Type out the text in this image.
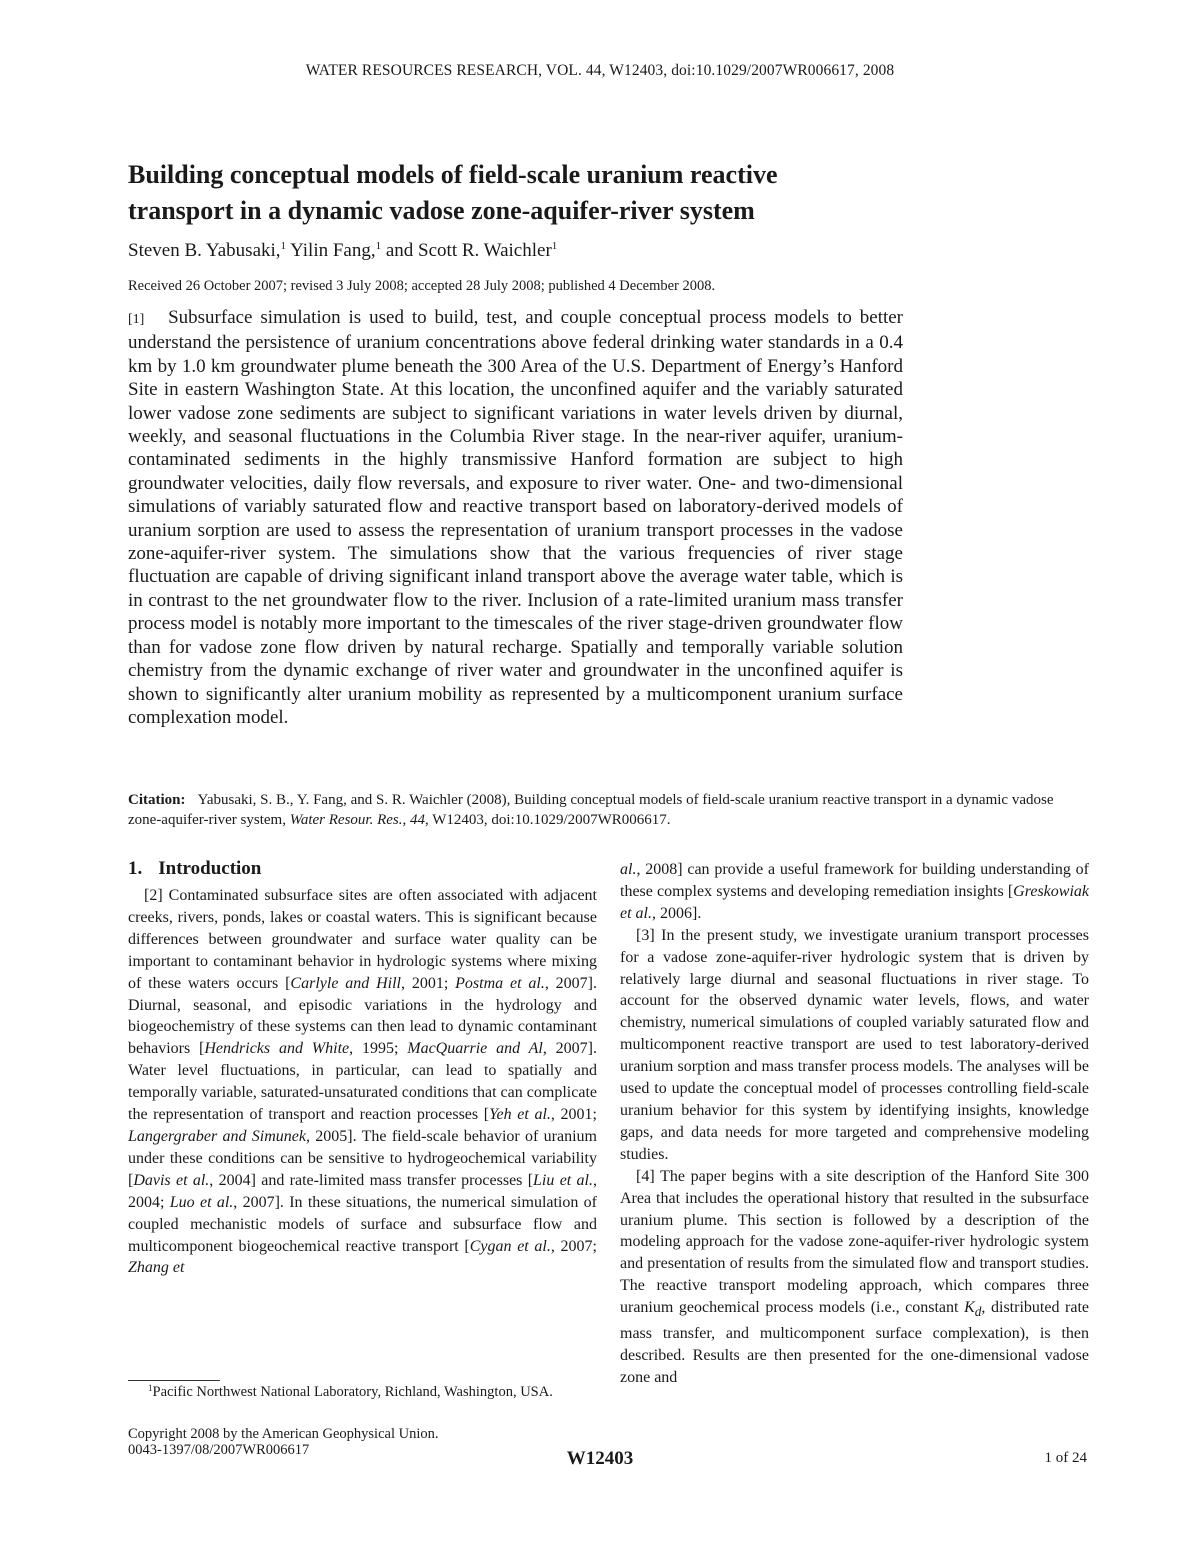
WATER RESOURCES RESEARCH, VOL. 44, W12403, doi:10.1029/2007WR006617, 2008
Building conceptual models of field-scale uranium reactive
transport in a dynamic vadose zone-aquifer-river system
Steven B. Yabusaki,$^1$ Yilin Fang,$^1$ and Scott R. Waichler$^1$
Received 26 October 2007; revised 3 July 2008; accepted 28 July 2008; published 4 December 2008.

[1] Subsurface simulation is used to build, test, and couple conceptual process models to better understand the persistence of uranium concentrations above federal drinking water standards in a 0.4 km by 1.0 km groundwater plume beneath the 300 Area of the U.S. Department of Energy’s Hanford Site in eastern Washington State. At this location, the unconfined aquifer and the variably saturated lower vadose zone sediments are subject to significant variations in water levels driven by diurnal, weekly, and seasonal fluctuations in the Columbia River stage. In the near-river aquifer, uranium-contaminated sediments in the highly transmissive Hanford formation are subject to high groundwater velocities, daily flow reversals, and exposure to river water. One- and two-dimensional simulations of variably saturated flow and reactive transport based on laboratory-derived models of uranium sorption are used to assess the representation of uranium transport processes in the vadose zone-aquifer-river system. The simulations show that the various frequencies of river stage fluctuation are capable of driving significant inland transport above the average water table, which is in contrast to the net groundwater flow to the river. Inclusion of a rate-limited uranium mass transfer process model is notably more important to the timescales of the river stage-driven groundwater flow than for vadose zone flow driven by natural recharge. Spatially and temporally variable solution chemistry from the dynamic exchange of river water and groundwater in the unconfined aquifer is shown to significantly alter uranium mobility as represented by a multicomponent uranium surface complexation model.

Citation: Yabusaki, S. B., Y. Fang, and S. R. Waichler (2008), Building conceptual models of field-scale uranium reactive transport in a dynamic vadose zone-aquifer-river system, Water Resour. Res., 44, W12403, doi:10.1029/2007WR006617.
1. Introduction

[2] Contaminated subsurface sites are often associated with adjacent creeks, rivers, ponds, lakes or coastal waters. This is significant because differences between groundwater and surface water quality can be important to contaminant behavior in hydrologic systems where mixing of these waters occurs [Carlyle and Hill, 2001; Postma et al., 2007]. Diurnal, seasonal, and episodic variations in the hydrology and biogeochemistry of these systems can then lead to dynamic contaminant behaviors [Hendricks and White, 1995; MacQuarrie and Al, 2007]. Water level fluctuations, in particular, can lead to spatially and temporally variable, saturated-unsaturated conditions that can complicate the representation of transport and reaction processes [Yeh et al., 2001; Langergraber and Simunek, 2005]. The field-scale behavior of uranium under these conditions can be sensitive to hydrogeochemical variability [Davis et al., 2004] and rate-limited mass transfer processes [Liu et al., 2004; Luo et al., 2007]. In these situations, the numerical simulation of coupled mechanistic models of surface and subsurface flow and multicomponent biogeochemical reactive transport [Cygan et al., 2007; Zhang et

al., 2008] can provide a useful framework for building understanding of these complex systems and developing remediation insights [Greskowiak et al., 2006].

[3] In the present study, we investigate uranium transport processes for a vadose zone-aquifer-river hydrologic system that is driven by relatively large diurnal and seasonal fluctuations in river stage. To account for the observed dynamic water levels, flows, and water chemistry, numerical simulations of coupled variably saturated flow and multicomponent reactive transport are used to test laboratory-derived uranium sorption and mass transfer process models. The analyses will be used to update the conceptual model of processes controlling field-scale uranium behavior for this system by identifying insights, knowledge gaps, and data needs for more targeted and comprehensive modeling studies.

[4] The paper begins with a site description of the Hanford Site 300 Area that includes the operational history that resulted in the subsurface uranium plume. This section is followed by a description of the modeling approach for the vadose zone-aquifer-river hydrologic system and presentation of results from the simulated flow and transport studies. The reactive transport modeling approach, which compares three uranium geochemical process models (i.e., constant $K_d$, distributed rate mass transfer, and multicomponent surface complexation), is then described. Results are then presented for the one-dimensional vadose zone and

$^1$Pacific Northwest National Laboratory, Richland, Washington, USA.
Copyright 2008 by the American Geophysical Union.
0043-1397/08/2007WR006617	W12403	1 of 24
